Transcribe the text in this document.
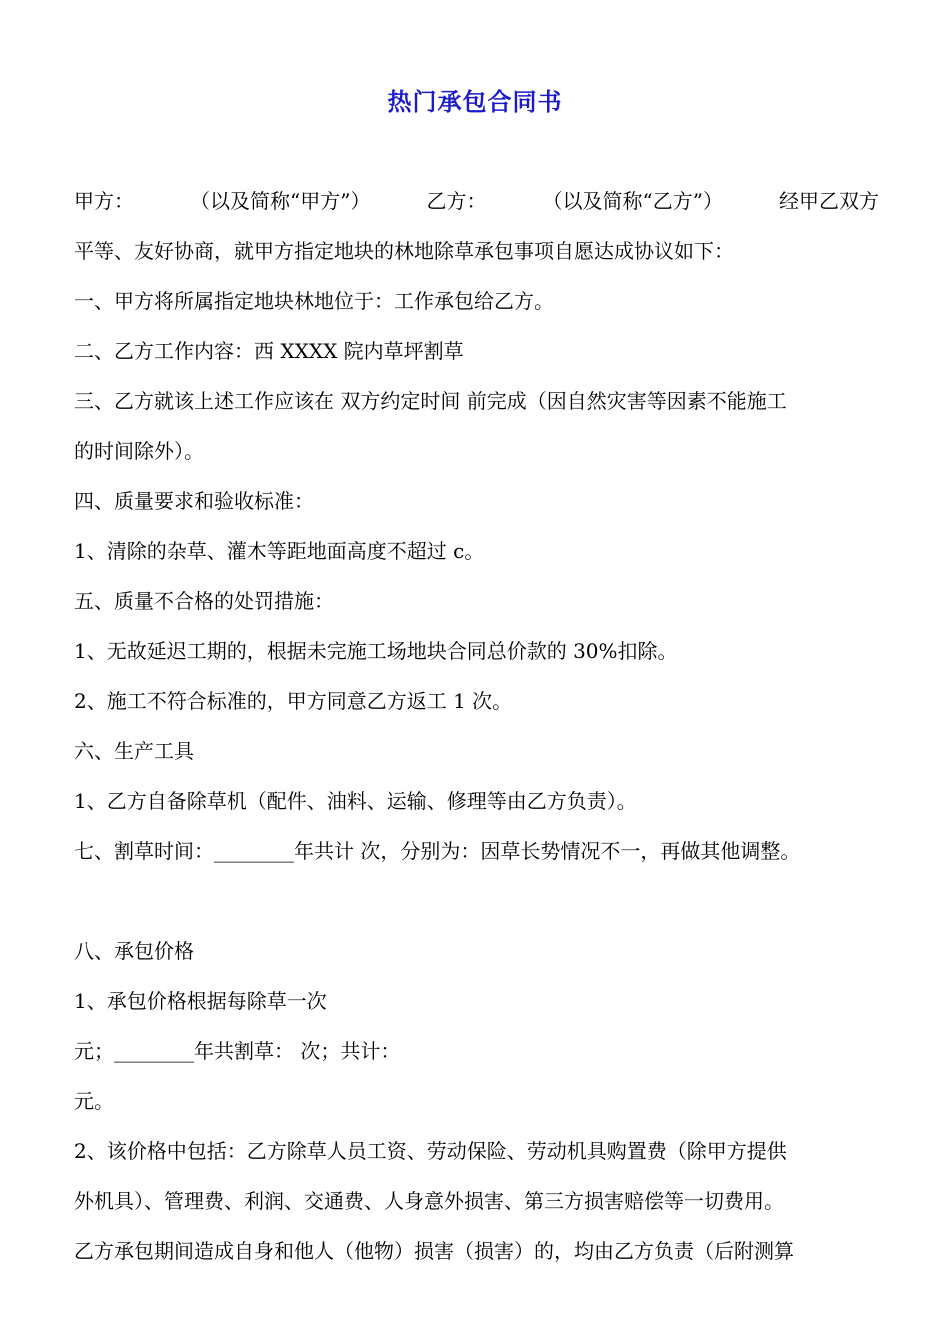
热门承包合同书
甲方：	（以及简称“甲方”）	乙方：	（以及简称“乙方”）	经甲乙双方
平等、友好协商，就甲方指定地块的林地除草承包事项自愿达成协议如下：
一、甲方将所属指定地块林地位于：工作承包给乙方。
二、乙方工作内容：西 XXXX 院内草坪割草
三、乙方就该上述工作应该在 双方约定时间 前完成（因自然灾害等因素不能施工
的时间除外）。
四、质量要求和验收标准：
1、清除的杂草、灌木等距地面高度不超过 c。
五、质量不合格的处罚措施：
1、无故延迟工期的，根据未完施工场地块合同总价款的 30%扣除。
2、施工不符合标准的，甲方同意乙方返工 1 次。
六、生产工具
1、乙方自备除草机（配件、油料、运输、修理等由乙方负责）。
七、割草时间：________年共计 次，分别为：因草长势情况不一，再做其他调整。
八、承包价格
1、承包价格根据每除草一次
元；________年共割草： 次；共计：
元。
2、该价格中包括：乙方除草人员工资、劳动保险、劳动机具购置费（除甲方提供
外机具）、管理费、利润、交通费、人身意外损害、第三方损害赔偿等一切费用。
乙方承包期间造成自身和他人（他物）损害（损害）的，均由乙方负责（后附测算
